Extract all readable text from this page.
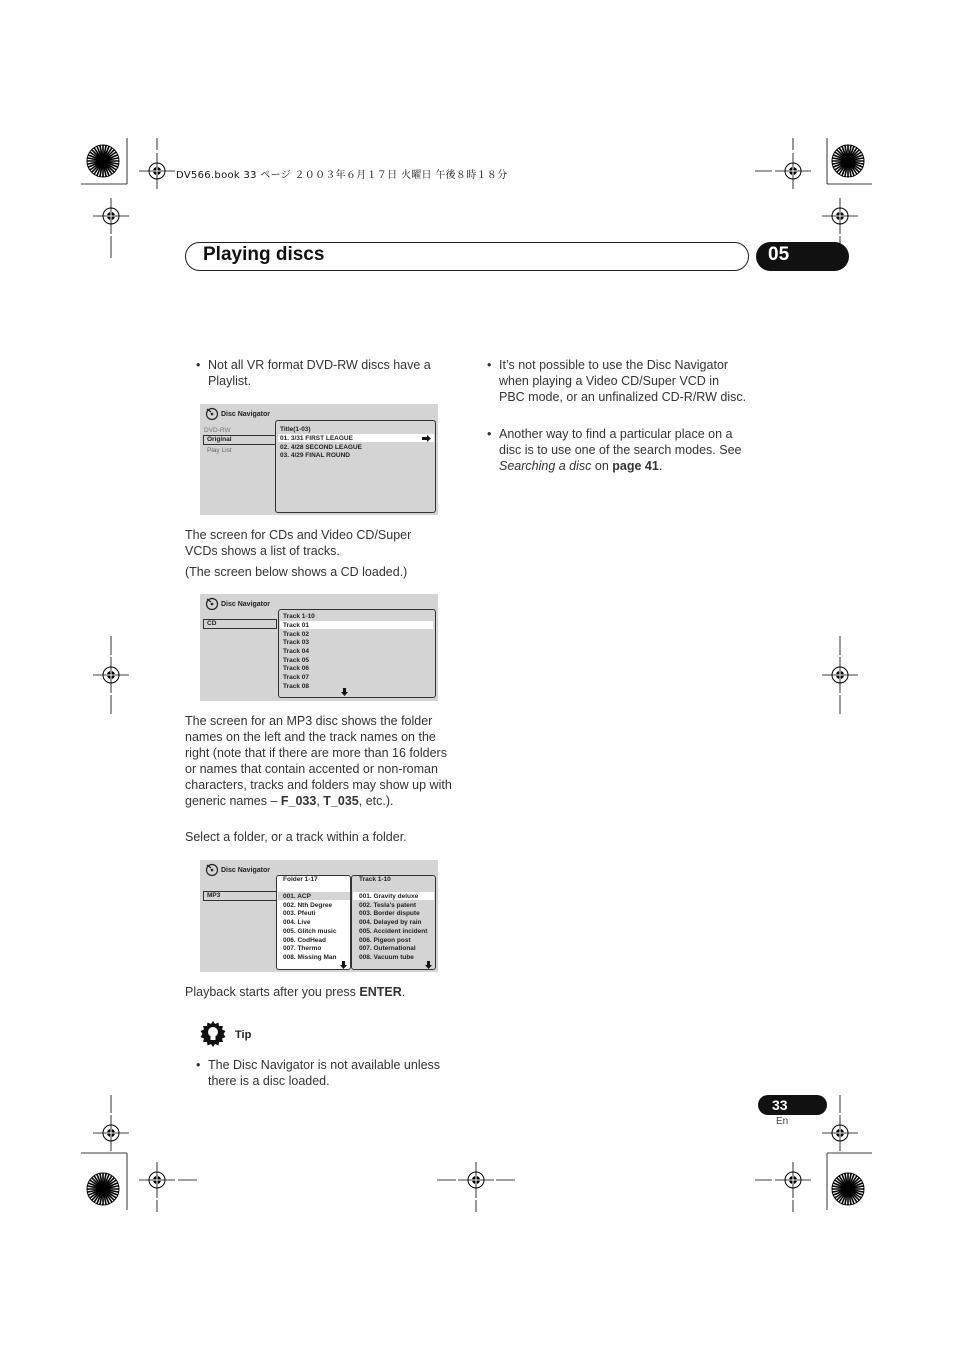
DV566.book 33 ページ ２００３年６月１７日 火曜日 午後８時１８分
Playing discs	05
• Not all VR format DVD-RW discs have a Playlist.
Disc Navigator
DVD-RW
Original
Play List
Title(1-03)
01. 3/31 FIRST LEAGUE
02. 4/28 SECOND LEAGUE
03. 4/29 FINAL ROUND
The screen for CDs and Video CD/Super VCDs shows a list of tracks.
(The screen below shows a CD loaded.)
Disc Navigator
CD
Track 1-10
Track 01
Track 02
Track 03
Track 04
Track 05
Track 06
Track 07
Track 08
The screen for an MP3 disc shows the folder names on the left and the track names on the right (note that if there are more than 16 folders or names that contain accented or non-roman characters, tracks and folders may show up with generic names – F_033, T_035, etc.).
Select a folder, or a track within a folder.
Disc Navigator
MP3
Folder 1-17	Track 1-10
001. ACP
002. Nth Degree
003. Pfeuti
004. Live
005. Glitch music
006. CodHead
007. Thermo
008. Missing Man
001. Gravity deluxe
002. Tesla's patent
003. Border dispute
004. Delayed by rain
005. Accident incident
006. Pigeon post
007. Outernational
008. Vacuum tube
Playback starts after you press ENTER.
Tip
• The Disc Navigator is not available unless there is a disc loaded.
• It’s not possible to use the Disc Navigator when playing a Video CD/Super VCD in PBC mode, or an unfinalized CD-R/RW disc.
• Another way to find a particular place on a disc is to use one of the search modes. See Searching a disc on page 41.
33
En
